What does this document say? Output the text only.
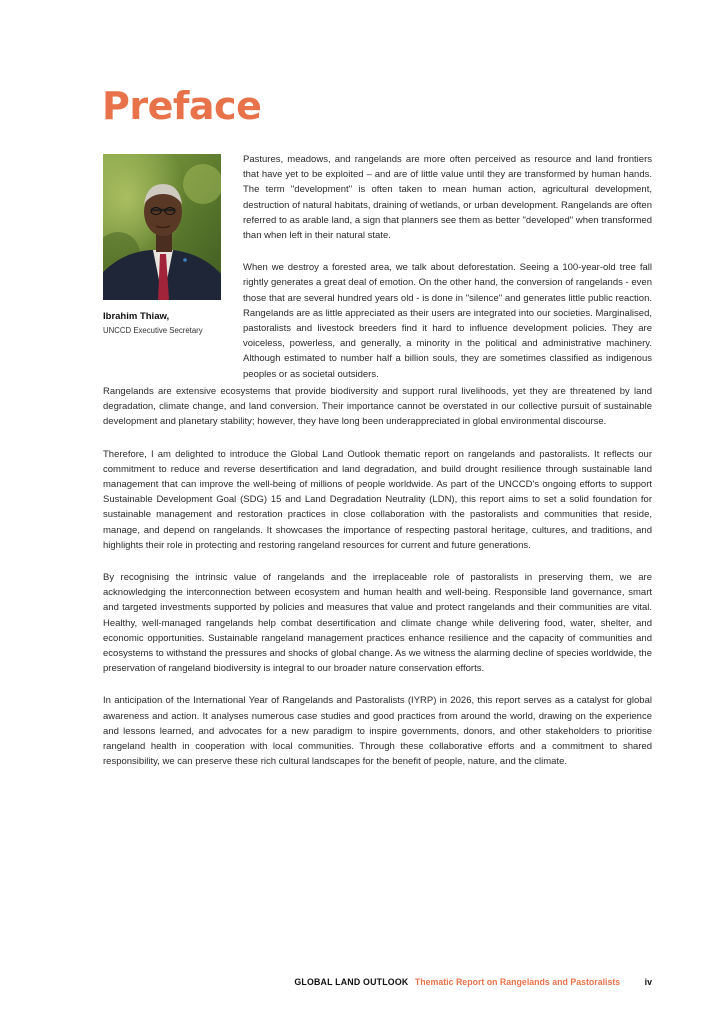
Preface
Ibrahim Thiaw,
UNCCD Executive Secretary

Pastures, meadows, and rangelands are more often perceived as resource and land frontiers that have yet to be exploited – and are of little value until they are transformed by human hands. The term "development" is often taken to mean human action, agricultural development, destruction of natural habitats, draining of wetlands, or urban development. Rangelands are often referred to as arable land, a sign that planners see them as better "developed" when transformed than when left in their natural state.

When we destroy a forested area, we talk about deforestation. Seeing a 100-year-old tree fall rightly generates a great deal of emotion. On the other hand, the conversion of rangelands - even those that are several hundred years old - is done in "silence" and generates little public reaction. Rangelands are as little appreciated as their users are integrated into our societies. Marginalised, pastoralists and livestock breeders find it hard to influence development policies. They are voiceless, powerless, and generally, a minority in the political and administrative machinery. Although estimated to number half a billion souls, they are sometimes classified as indigenous peoples or as societal outsiders.

Rangelands are extensive ecosystems that provide biodiversity and support rural livelihoods, yet they are threatened by land degradation, climate change, and land conversion. Their importance cannot be overstated in our collective pursuit of sustainable development and planetary stability; however, they have long been underappreciated in global environmental discourse.

Therefore, I am delighted to introduce the Global Land Outlook thematic report on rangelands and pastoralists. It reflects our commitment to reduce and reverse desertification and land degradation, and build drought resilience through sustainable land management that can improve the well-being of millions of people worldwide. As part of the UNCCD's ongoing efforts to support Sustainable Development Goal (SDG) 15 and Land Degradation Neutrality (LDN), this report aims to set a solid foundation for sustainable management and restoration practices in close collaboration with the pastoralists and communities that reside, manage, and depend on rangelands. It showcases the importance of respecting pastoral heritage, cultures, and traditions, and highlights their role in protecting and restoring rangeland resources for current and future generations.

By recognising the intrinsic value of rangelands and the irreplaceable role of pastoralists in preserving them, we are acknowledging the interconnection between ecosystem and human health and well-being. Responsible land governance, smart and targeted investments supported by policies and measures that value and protect rangelands and their communities are vital. Healthy, well-managed rangelands help combat desertification and climate change while delivering food, water, shelter, and economic opportunities. Sustainable rangeland management practices enhance resilience and the capacity of communities and ecosystems to withstand the pressures and shocks of global change. As we witness the alarming decline of species worldwide, the preservation of rangeland biodiversity is integral to our broader nature conservation efforts.

In anticipation of the International Year of Rangelands and Pastoralists (IYRP) in 2026, this report serves as a catalyst for global awareness and action. It analyses numerous case studies and good practices from around the world, drawing on the experience and lessons learned, and advocates for a new paradigm to inspire governments, donors, and other stakeholders to prioritise rangeland health in cooperation with local communities. Through these collaborative efforts and a commitment to shared responsibility, we can preserve these rich cultural landscapes for the benefit of people, nature, and the climate.

GLOBAL LAND OUTLOOK Thematic Report on Rangelands and Pastoralists	iv
